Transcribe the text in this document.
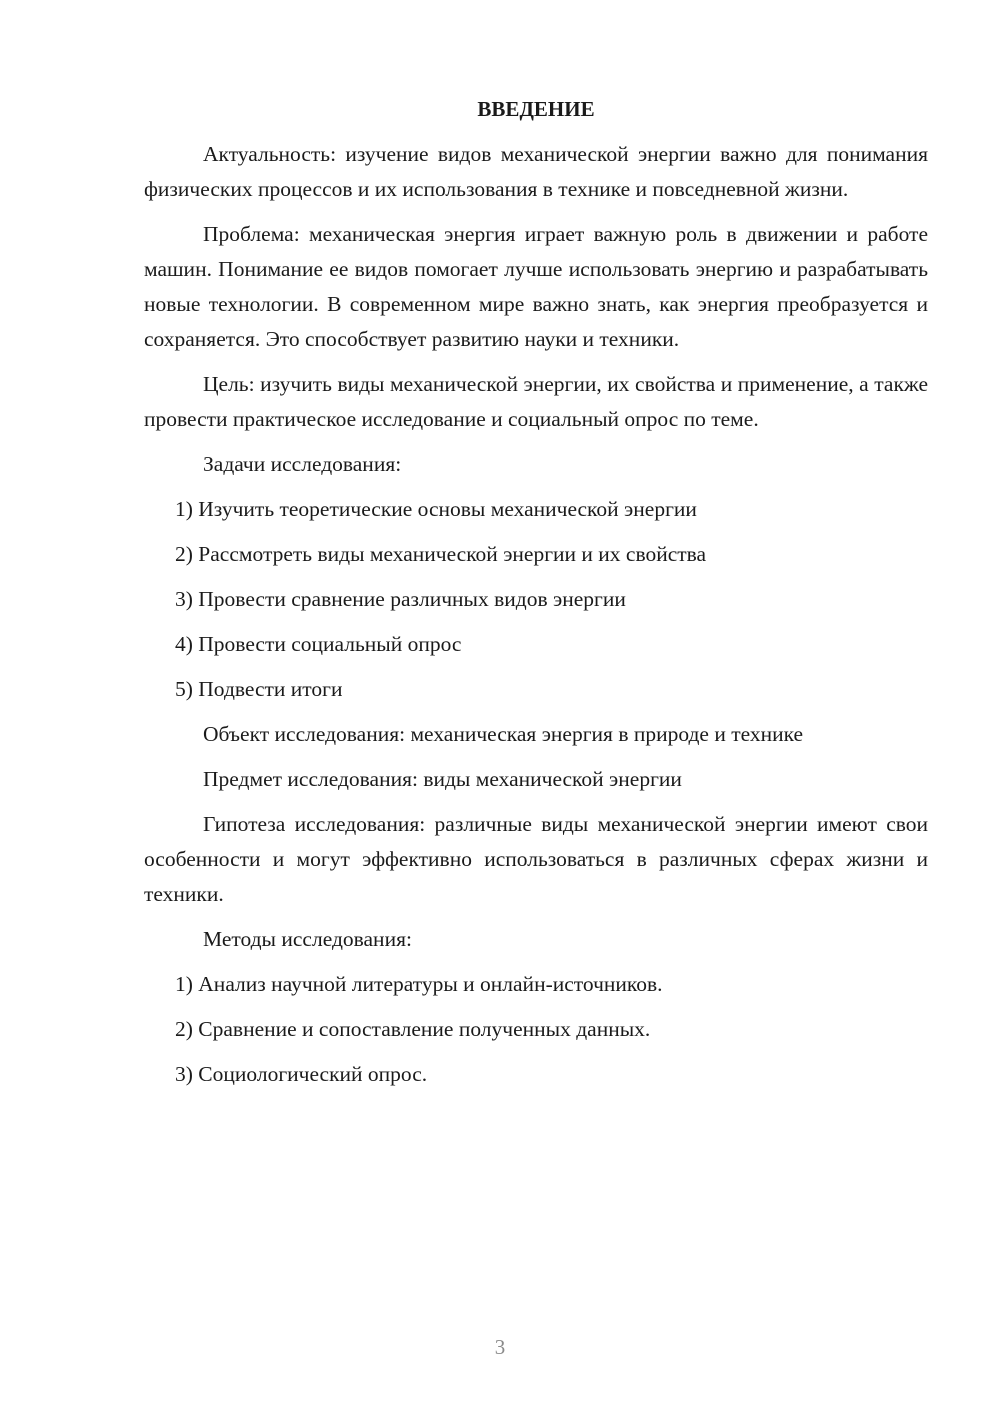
ВВЕДЕНИЕ

Актуальность: изучение видов механической энергии важно для понимания физических процессов и их использования в технике и повседневной жизни.

Проблема: механическая энергия играет важную роль в движении и работе машин. Понимание ее видов помогает лучше использовать энергию и разрабатывать новые технологии. В современном мире важно знать, как энергия преобразуется и сохраняется. Это способствует развитию науки и техники.

Цель: изучить виды механической энергии, их свойства и применение, а также провести практическое исследование и социальный опрос по теме.

Задачи исследования:

1) Изучить теоретические основы механической энергии

2) Рассмотреть виды механической энергии и их свойства

3) Провести сравнение различных видов энергии

4) Провести социальный опрос

5) Подвести итоги

Объект исследования: механическая энергия в природе и технике

Предмет исследования: виды механической энергии

Гипотеза исследования: различные виды механической энергии имеют свои особенности и могут эффективно использоваться в различных сферах жизни и техники.

Методы исследования:

1) Анализ научной литературы и онлайн-источников.

2) Сравнение и сопоставление полученных данных.

3) Социологический опрос.

3
